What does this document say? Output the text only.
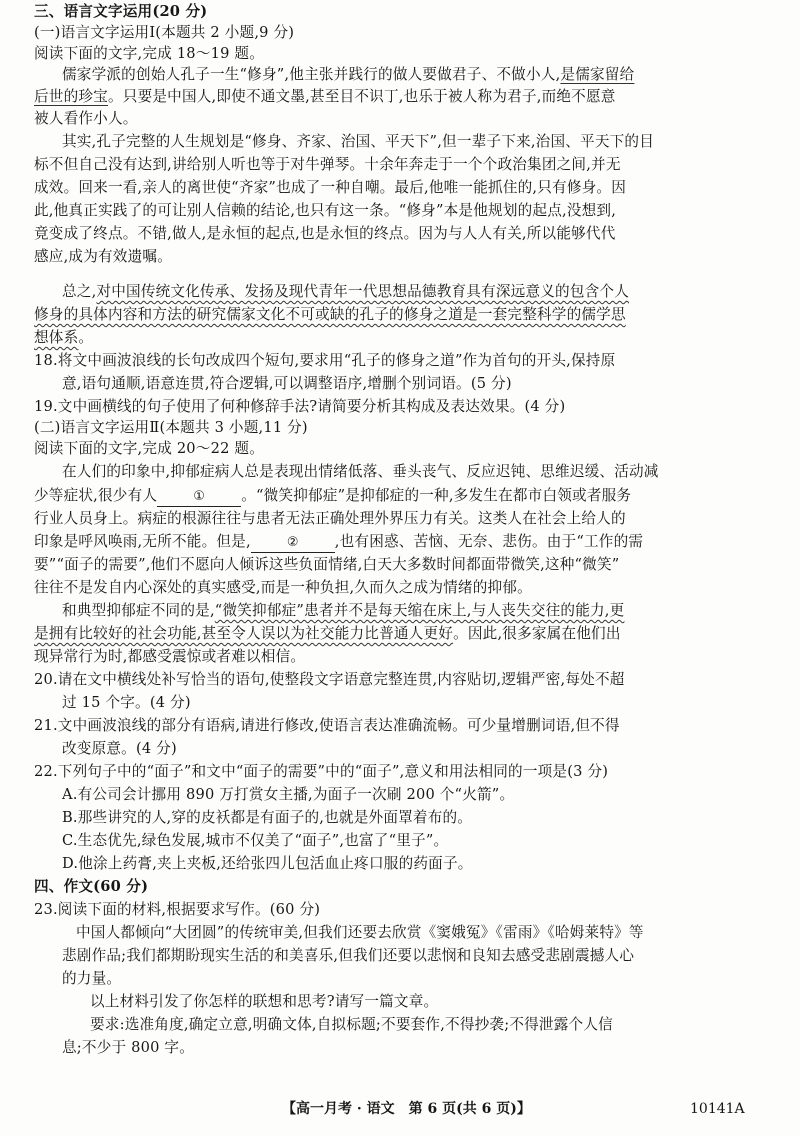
三、语言文字运用(20 分)
(一)语言文字运用Ⅰ(本题共 2 小题,9 分)
阅读下面的文字,完成 18～19 题。
儒家学派的创始人孔子一生“修身”,他主张并践行的做人要做君子、不做小人,是儒家留给
后世的珍宝。只要是中国人,即使不通文墨,甚至目不识丁,也乐于被人称为君子,而绝不愿意
被人看作小人。
其实,孔子完整的人生规划是“修身、齐家、治国、平天下”,但一辈子下来,治国、平天下的目
标不但自己没有达到,讲给别人听也等于对牛弹琴。十余年奔走于一个个政治集团之间,并无
成效。回来一看,亲人的离世使“齐家”也成了一种自嘲。最后,他唯一能抓住的,只有修身。因
此,他真正实践了的可让别人信赖的结论,也只有这一条。“修身”本是他规划的起点,没想到,
竟变成了终点。不错,做人,是永恒的起点,也是永恒的终点。因为与人人有关,所以能够代代
感应,成为有效遗嘱。
总之,对中国传统文化传承、发扬及现代青年一代思想品德教育具有深远意义的包含个人
修身的具体内容和方法的研究儒家文化不可或缺的孔子的修身之道是一套完整科学的儒学思
想体系。
18.将文中画波浪线的长句改成四个短句,要求用“孔子的修身之道”作为首句的开头,保持原
意,语句通顺,语意连贯,符合逻辑,可以调整语序,增删个别词语。(5 分)
19.文中画横线的句子使用了何种修辞手法?请简要分析其构成及表达效果。(4 分)
(二)语言文字运用Ⅱ(本题共 3 小题,11 分)
阅读下面的文字,完成 20～22 题。
在人们的印象中,抑郁症病人总是表现出情绪低落、垂头丧气、反应迟钝、思维迟缓、活动减
少等症状,很少有人	① 。“微笑抑郁症”是抑郁症的一种,多发生在都市白领或者服务
行业人员身上。病症的根源往往与患者无法正确处理外界压力有关。这类人在社会上给人的
印象是呼风唤雨,无所不能。但是,	② ,也有困惑、苦恼、无奈、悲伤。由于“工作的需
要”“面子的需要”,他们不愿向人倾诉这些负面情绪,白天大多数时间都面带微笑,这种“微笑”
往往不是发自内心深处的真实感受,而是一种负担,久而久之成为情绪的抑郁。
和典型抑郁症不同的是,“微笑抑郁症”患者并不是每天缩在床上,与人丧失交往的能力,更
是拥有比较好的社会功能,甚至令人误以为社交能力比普通人更好。因此,很多家属在他们出
现异常行为时,都感受震惊或者难以相信。
20.请在文中横线处补写恰当的语句,使整段文字语意完整连贯,内容贴切,逻辑严密,每处不超
过 15 个字。(4 分)
21.文中画波浪线的部分有语病,请进行修改,使语言表达准确流畅。可少量增删词语,但不得
改变原意。(4 分)
22.下列句子中的“面子”和文中“面子的需要”中的“面子”,意义和用法相同的一项是(3 分)
A.有公司会计挪用 890 万打赏女主播,为面子一次刷 200 个“火箭”。
B.那些讲究的人,穿的皮袄都是有面子的,也就是外面罩着布的。
C.生态优先,绿色发展,城市不仅美了“面子”,也富了“里子”。
D.他涂上药膏,夹上夹板,还给张四儿包活血止疼口服的药面子。
四、作文(60 分)
23.阅读下面的材料,根据要求写作。(60 分)
中国人都倾向“大团圆”的传统审美,但我们还要去欣赏《窦娥冤》《雷雨》《哈姆莱特》等
悲剧作品;我们都期盼现实生活的和美喜乐,但我们还要以悲悯和良知去感受悲剧震撼人心
的力量。
以上材料引发了你怎样的联想和思考?请写一篇文章。
要求:选准角度,确定立意,明确文体,自拟标题;不要套作,不得抄袭;不得泄露个人信
息;不少于 800 字。
【高一月考 · 语文　第 6 页(共 6 页)】	10141A
